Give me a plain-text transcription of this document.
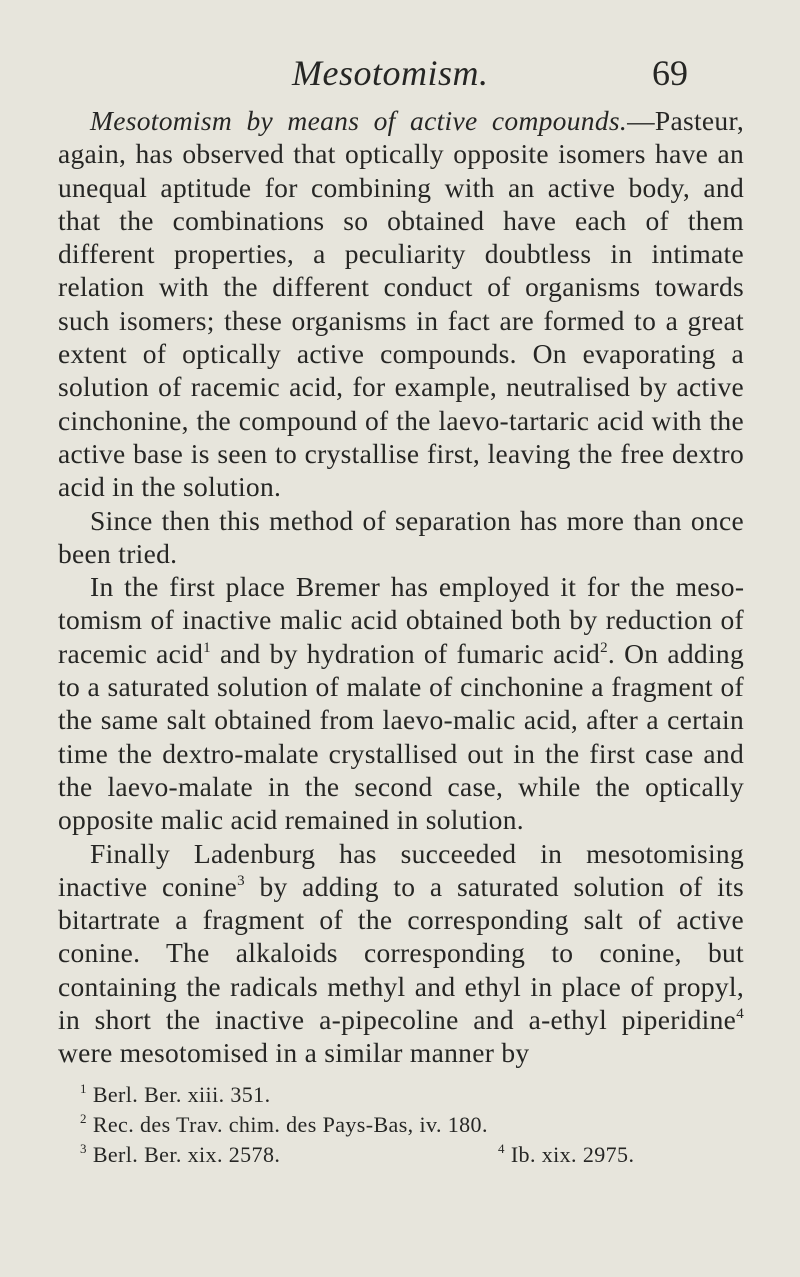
Mesotomism.	69

Mesotomism by means of active compounds.—Pasteur, again, has observed that optically opposite isomers have an unequal aptitude for combining with an active body, and that the combinations so obtained have each of them different properties, a peculiarity doubtless in intimate relation with the different conduct of organisms towards such isomers; these organisms in fact are formed to a great extent of optically active compounds. On evaporating a solution of racemic acid, for example, neutralised by active cinchonine, the compound of the laevo-tartaric acid with the active base is seen to crystallise first, leaving the free dextro acid in the solution.

Since then this method of separation has more than once been tried.

In the first place Bremer has employed it for the mesotomism of inactive malic acid obtained both by reduction of racemic acid$^1$ and by hydration of fumaric acid$^2$. On adding to a saturated solution of malate of cinchonine a fragment of the same salt obtained from laevo-malic acid, after a certain time the dextro-malate crystallised out in the first case and the laevo-malate in the second case, while the optically opposite malic acid remained in solution.

Finally Ladenburg has succeeded in mesotomising inactive conine$^3$ by adding to a saturated solution of its bitartrate a fragment of the corresponding salt of active conine. The alkaloids corresponding to conine, but containing the radicals methyl and ethyl in place of propyl, in short the inactive a-pipecoline and a-ethyl piperidine$^4$ were mesotomised in a similar manner by

$^1$ Berl. Ber. xiii. 351.
$^2$ Rec. des Trav. chim. des Pays-Bas, iv. 180.
$^3$ Berl. Ber. xix. 2578.	$^4$ Ib. xix. 2975.
